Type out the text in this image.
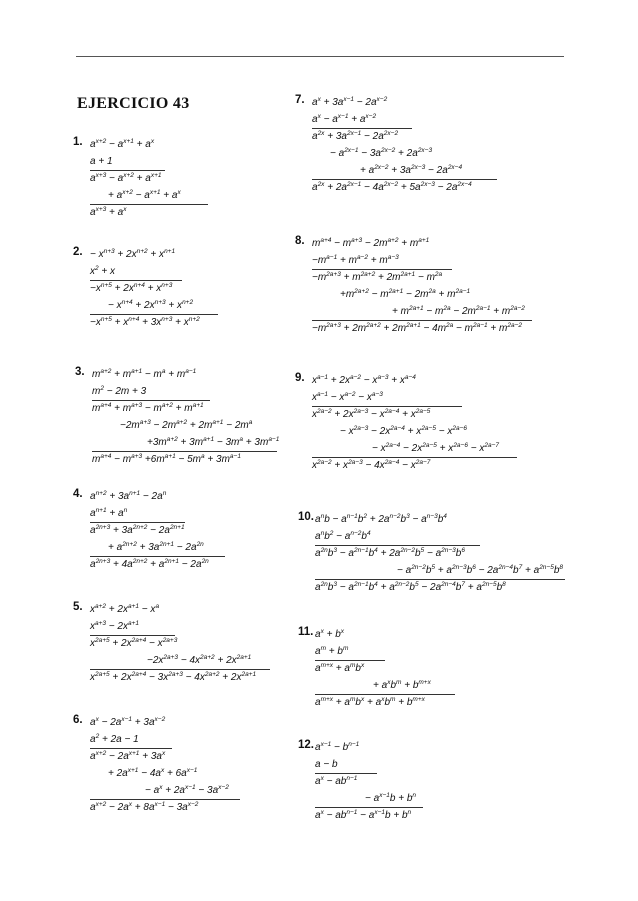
EJERCICIO 43
1. $a^{x+2} - a^{x+1} + a^x$
a + 1
$a^{x+3} - a^{x+2} + a^{x+1}$
+ $a^{x+2} - a^{x+1} + a^x$
$a^{x+3} + a^x$
2. − $x^{n+3} + 2x^{n+2} + x^{n+1}$
$x^2 + x$
$-x^{n+5} + 2x^{n+4} + x^{n+3}$
− $x^{n+4} + 2x^{n+3} + x^{n+2}$
$-x^{n+5} + x^{n+4} + 3x^{n+3} + x^{n+2}$
3. $m^{a+2} + m^{a+1} - m^a + m^{a-1}$
$m^2 - 2m + 3$
$m^{a+4} + m^{a+3} - m^{a+2} + m^{a+1}$
$-2m^{a+3} - 2m^{a+2} + 2m^{a+1} - 2m^a$
$+3m^{a+2} + 3m^{a+1} - 3m^a + 3m^{a-1}$
$m^{a+4} - m^{a+3} +6m^{a+1} - 5m^a + 3m^{a-1}$
4. $a^{n+2} + 3a^{n+1} - 2a^n$
$a^{n+1} + a^n$
$a^{2n+3} + 3a^{2n+2} - 2a^{2n+1}$
+ $a^{2n+2} + 3a^{2n+1} - 2a^{2n}$
$a^{2n+3} + 4a^{2n+2} + a^{2n+1} - 2a^{2n}$
5. $x^{a+2} + 2x^{a+1} - x^a$
$x^{a+3} - 2x^{a+1}$
$x^{2a+5} + 2x^{2a+4} - x^{2a+3}$
$-2x^{2a+3} - 4x^{2a+2} + 2x^{2a+1}$
$x^{2a+5} + 2x^{2a+4} - 3x^{2a+3} - 4x^{2a+2} + 2x^{2a+1}$
6. $a^x - 2a^{x-1} + 3a^{x-2}$
$a^2 + 2a - 1$
$a^{x+2} - 2a^{x+1} + 3a^x$
+ $2a^{x+1} - 4a^x + 6a^{x-1}$
− $a^x + 2a^{x-1} - 3a^{x-2}$
$a^{x+2} - 2a^x + 8a^{x-1} - 3a^{x-2}$
7. $a^x + 3a^{x-1} - 2a^{x-2}$
$a^x - a^{x-1} + a^{x-2}$
$a^{2x} + 3a^{2x-1} - 2a^{2x-2}$
− $a^{2x-1} - 3a^{2x-2} + 2a^{2x-3}$
+ $a^{2x-2} + 3a^{2x-3} - 2a^{2x-4}$
$a^{2x} + 2a^{2x-1} - 4a^{2x-2} + 5a^{2x-3} - 2a^{2x-4}$
8. $m^{a+4} - m^{a+3} - 2m^{a+2} + m^{a+1}$
$-m^{a-1} + m^{a-2} + m^{a-3}$
$-m^{2a+3} + m^{2a+2} + 2m^{2a+1} - m^{2a}$
$+m^{2a+2} - m^{2a+1} - 2m^{2a} + m^{2a-1}$
+ $m^{2a+1} - m^{2a} - 2m^{2a-1} + m^{2a-2}$
$-m^{2a+3} + 2m^{2a+2} + 2m^{2a+1} - 4m^{2a} - m^{2a-1} + m^{2a-2}$
9. $x^{a-1} + 2x^{a-2} - x^{a-3} + x^{a-4}$
$x^{a-1} - x^{a-2} - x^{a-3}$
$x^{2a-2} + 2x^{2a-3} - x^{2a-4} + x^{2a-5}$
− $x^{2a-3} - 2x^{2a-4} + x^{2a-5} - x^{2a-6}$
− $x^{2a-4} - 2x^{2a-5} + x^{2a-6} - x^{2a-7}$
$x^{2a-2} + x^{2a-3} - 4x^{2a-4} - x^{2a-7}$
10. $a^nb - a^{n-1}b^2 + 2a^{n-2}b^3 - a^{n-3}b^4$
$a^nb^2 - a^{n-2}b^4$
$a^{2n}b^3 - a^{2n-1}b^4 + 2a^{2n-2}b^5 - a^{2n-3}b^6$
− $a^{2n-2}b^5 + a^{2n-3}b^6 - 2a^{2n-4}b^7 + a^{2n-5}b^8$
$a^{2n}b^3 - a^{2n-1}b^4 + a^{2n-2}b^5 - 2a^{2n-4}b^7 + a^{2n-5}b^8$
11. $a^x + b^x$
$a^m + b^m$
$a^{m+x} + a^mb^x$
+ $a^xb^m + b^{m+x}$
$a^{m+x} + a^mb^x + a^xb^m + b^{m+x}$
12. $a^{x-1} - b^{n-1}$
a − b
$a^x - ab^{n-1}$
− $a^{x-1}b + b^n$
$a^x - ab^{n-1} - a^{x-1}b + b^n$
